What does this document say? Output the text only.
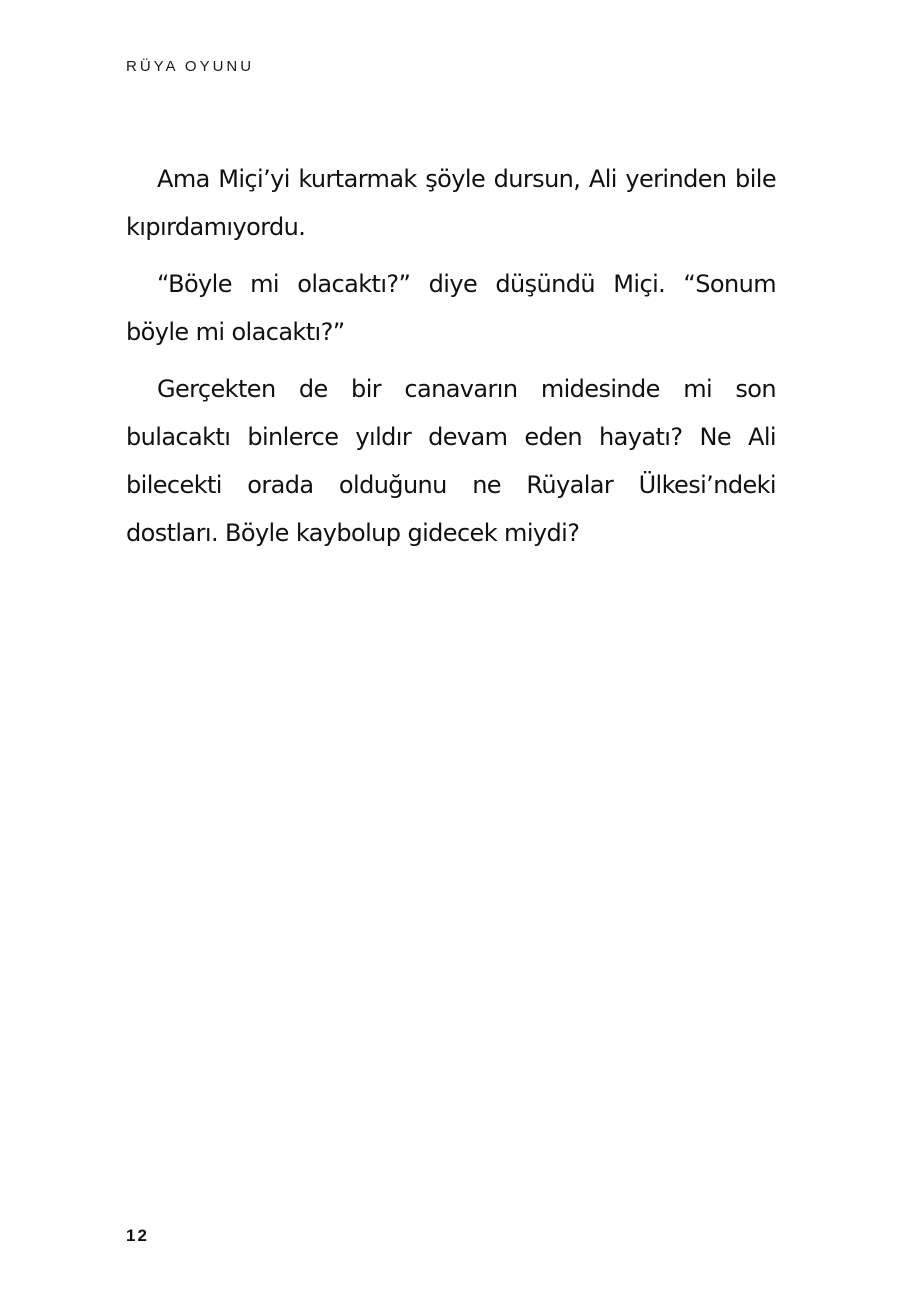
RÜYA OYUNU

Ama Miçi’yi kurtarmak şöyle dursun, Ali yerinden bile kıpırdamıyordu.

“Böyle mi olacaktı?” diye düşündü Miçi. “Sonum böyle mi olacaktı?”

Gerçekten de bir canavarın midesinde mi son bulacaktı binlerce yıldır devam eden hayatı? Ne Ali bilecekti orada olduğunu ne Rüyalar Ülkesi’ndeki dostları. Böyle kaybolup gidecek miydi?

12
